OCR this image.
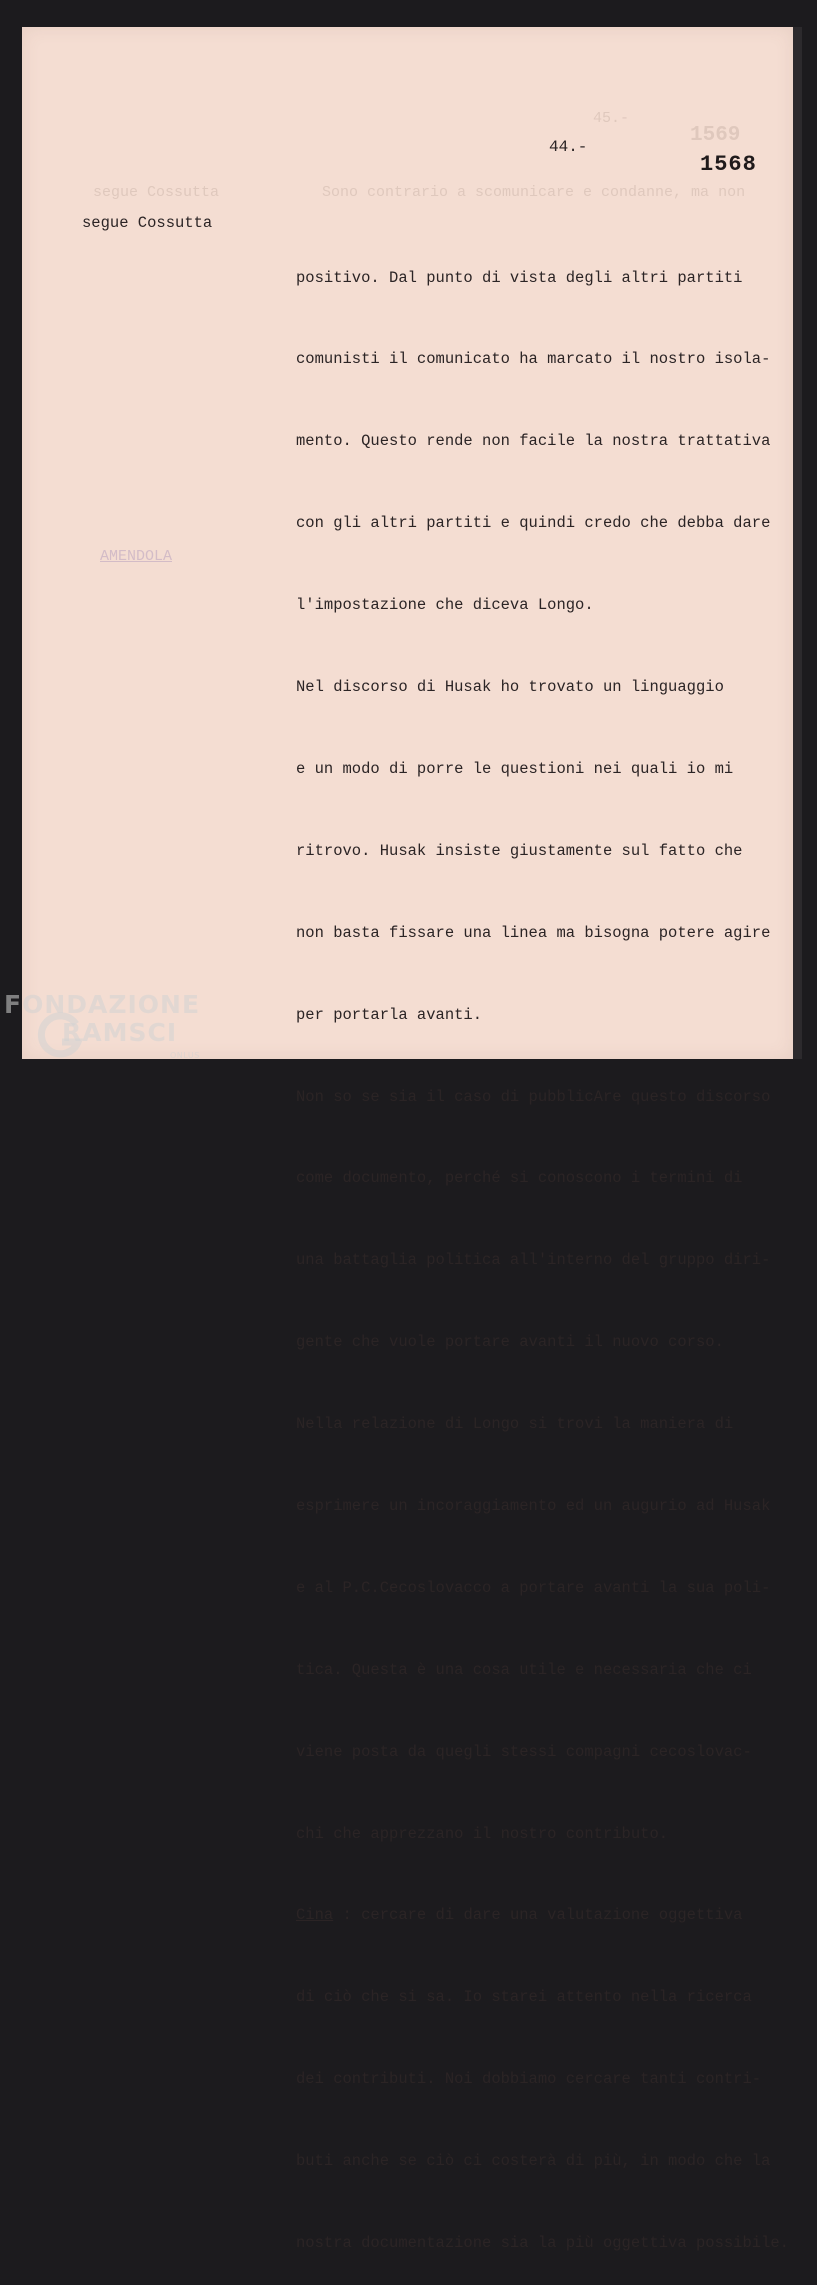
45.-
1569
segue Cossutta	Sono contrario a scomunicare e condanne, ma non
AMENDOLA
44.-
1568
segue Cossutta

positivo. Dal punto di vista degli altri partiti

comunisti il comunicato ha marcato il nostro isola-

mento. Questo rende non facile la nostra trattativa

con gli altri partiti e quindi credo che debba dare

l'impostazione che diceva Longo.

Nel discorso di Husak ho trovato un linguaggio

e un modo di porre le questioni nei quali io mi

ritrovo. Husak insiste giustamente sul fatto che

non basta fissare una linea ma bisogna potere agire

per portarla avanti.

Non so se sia il caso di pubblicAre questo discorso

come documento, perché si conoscono i termini di

una battaglia politica all'interno del gruppo diri-

gente che vuole portare avanti il nuovo corso.

Nella relazione di Longo si trovi la maniera di

esprimere un incoraggiamento ed un augurio ad Husak

e al P.C.Cecoslovacco a portare avanti la sua poli-

tica. Questa è una cosa utile e necessaria che ci

viene posta da quegli stessi compagni cecoslovac-

chi che apprezzano il nostro contributo.

Cina : cercare di dare una valutazione oggettiva

di ciò che si sa. Io starei attento nella ricerca

dei contributi. Noi dobbiamo cercare tanti contri-

buti anche se ciò ci costerà di più, in modo che la

nostra documentazione sia la più oggettiva possibile.

FONDAZIONE
RAMSCI
ONLUS
